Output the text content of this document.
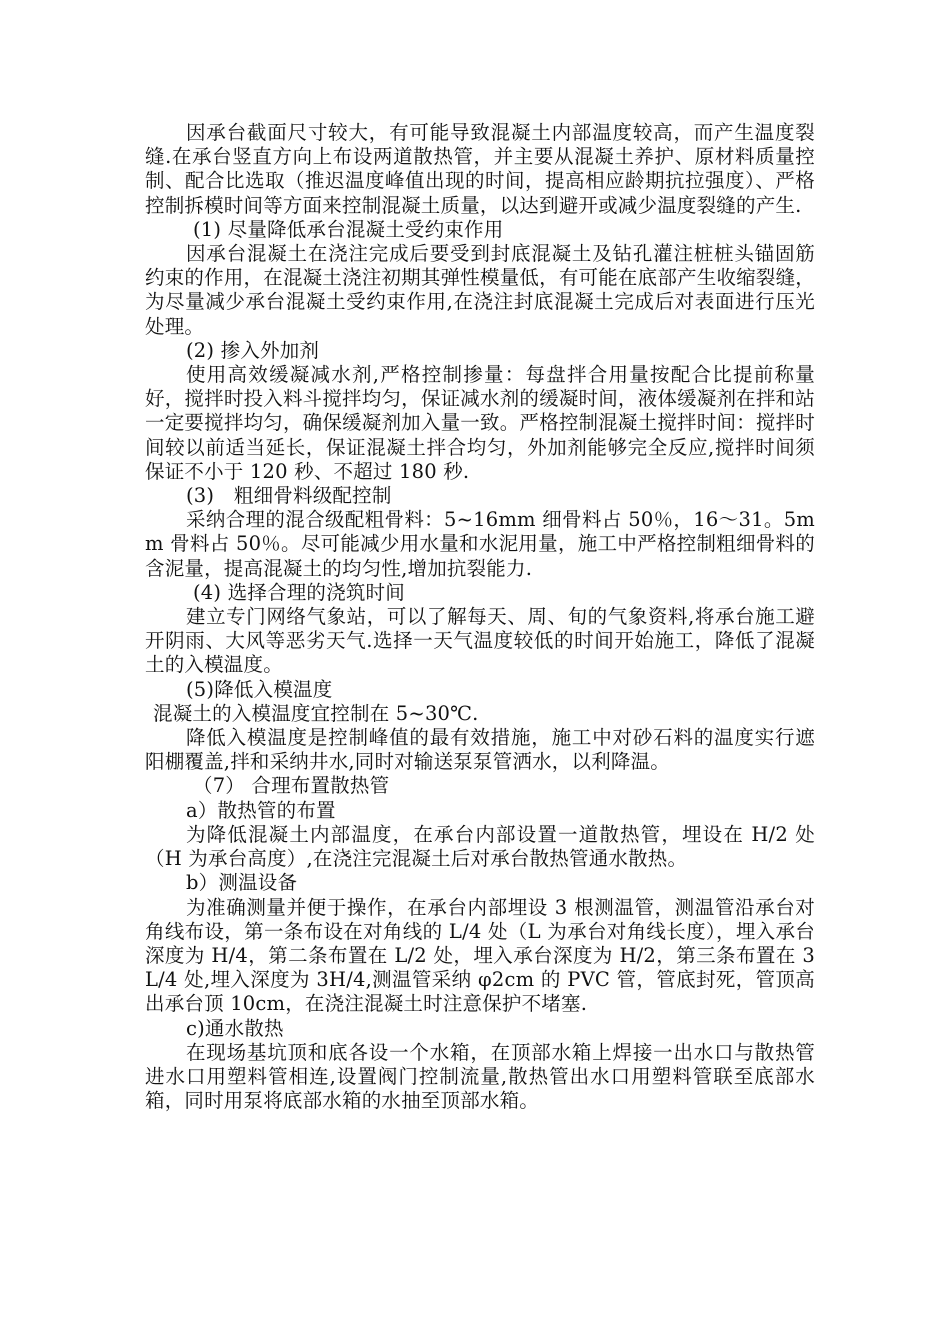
因承台截面尺寸较大，有可能导致混凝土内部温度较高，而产生温度裂缝.在承台竖直方向上布设两道散热管，并主要从混凝土养护、原材料质量控制、配合比选取（推迟温度峰值出现的时间，提高相应龄期抗拉强度）、严格控制拆模时间等方面来控制混凝土质量，以达到避开或减少温度裂缝的产生.

(1) 尽量降低承台混凝土受约束作用

因承台混凝土在浇注完成后要受到封底混凝土及钻孔灌注桩桩头锚固筋约束的作用，在混凝土浇注初期其弹性模量低，有可能在底部产生收缩裂缝，为尽量减少承台混凝土受约束作用,在浇注封底混凝土完成后对表面进行压光处理。

(2) 掺入外加剂

使用高效缓凝减水剂,严格控制掺量：每盘拌合用量按配合比提前称量好，搅拌时投入料斗搅拌均匀，保证减水剂的缓凝时间，液体缓凝剂在拌和站一定要搅拌均匀，确保缓凝剂加入量一致。严格控制混凝土搅拌时间：搅拌时间较以前适当延长，保证混凝土拌合均匀，外加剂能够完全反应,搅拌时间须保证不小于 120 秒、不超过 180 秒.

(3)　粗细骨料级配控制

采纳合理的混合级配粗骨料：5~16mm 细骨料占 50％，16～31。5mm 骨料占 50％。尽可能减少用水量和水泥用量，施工中严格控制粗细骨料的含泥量，提高混凝土的均匀性,增加抗裂能力.

(4) 选择合理的浇筑时间

建立专门网络气象站，可以了解每天、周、旬的气象资料,将承台施工避开阴雨、大风等恶劣天气.选择一天气温度较低的时间开始施工，降低了混凝土的入模温度。

(5)降低入模温度

混凝土的入模温度宜控制在 5~30℃.

降低入模温度是控制峰值的最有效措施，施工中对砂石料的温度实行遮阳棚覆盖,拌和采纳井水,同时对输送泵泵管洒水，以利降温。

（7） 合理布置散热管

a）散热管的布置

为降低混凝土内部温度，在承台内部设置一道散热管，埋设在 H/2 处（H 为承台高度）,在浇注完混凝土后对承台散热管通水散热。

b）测温设备

为准确测量并便于操作，在承台内部埋设 3 根测温管，测温管沿承台对角线布设，第一条布设在对角线的 L/4 处（L 为承台对角线长度），埋入承台深度为 H/4，第二条布置在 L/2 处，埋入承台深度为 H/2，第三条布置在 3L/4 处,埋入深度为 3H/4,测温管采纳 φ2cm 的 PVC 管，管底封死，管顶高出承台顶 10cm，在浇注混凝土时注意保护不堵塞.

c)通水散热

在现场基坑顶和底各设一个水箱，在顶部水箱上焊接一出水口与散热管进水口用塑料管相连,设置阀门控制流量,散热管出水口用塑料管联至底部水箱，同时用泵将底部水箱的水抽至顶部水箱。
